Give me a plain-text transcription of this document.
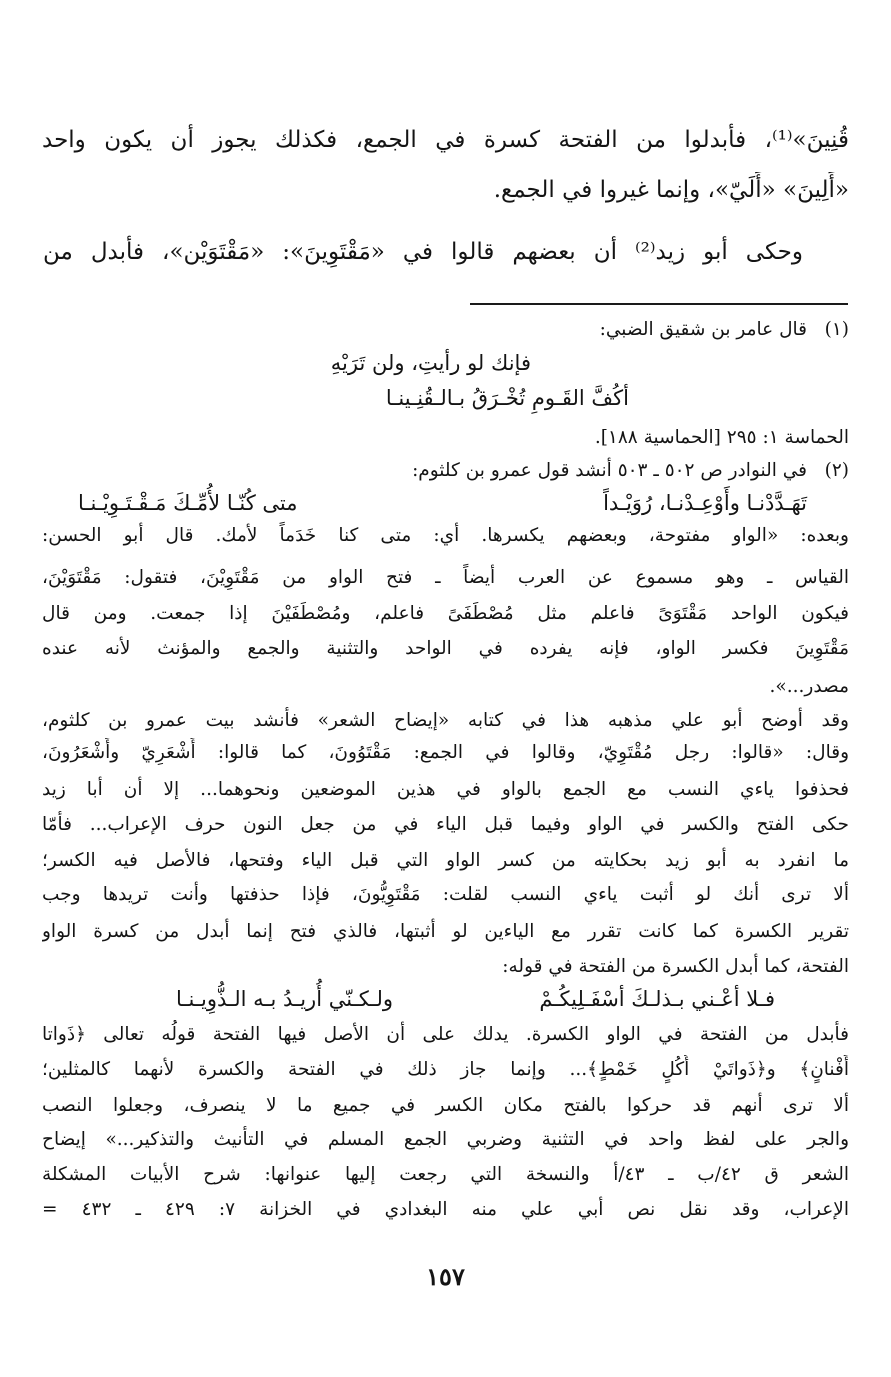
قُنِينَ»⁽¹⁾، فأبدلوا من الفتحة كسرة في الجمع، فكذلك يجوز أن يكون واحد
«أَلِينَ» «أَلَيّ»، وإنما غيروا في الجمع.
وحكى أبو زيد⁽²⁾ أن بعضهم قالوا في «مَقْتَوِينَ»: «مَقْتَوَيْن»، فأبدل من
(١)
قال عامر بن شقيق الضبي:
فإنك لو رأيتِ، ولن تَرَيْهِ
أكُفَّ القَـومِ تُخْـرَقُ بـالـقُنِـينـا
الحماسة ١: ٢٩٥ [الحماسية ١٨٨].
(٢)
في النوادر ص ٥٠٢ ـ ٥٠٣ أنشد قول عمرو بن كلثوم:
تَهَـدَّدْنـا وأَوْعِـدْنـا، رُوَيْـداً
متى كُنّـا لأُمِّـكَ مَـقْـتَـوِيْـنـا
وبعده: «الواو مفتوحة، وبعضهم يكسرها. أي: متى كنا خَدَماً لأمك. قال أبو الحسن:
القياس ـ وهو مسموع عن العرب أيضاً ـ فتح الواو من مَقْتَوِيْنَ، فتقول: مَقْتَوَيْنَ،
فيكون الواحد مَقْتَوَىً فاعلم مثل مُصْطَفَىً فاعلم، ومُصْطَفَيْنَ إذا جمعت. ومن قال
مَقْتَوِينَ فكسر الواو، فإنه يفرده في الواحد والتثنية والجمع والمؤنث لأنه عنده
مصدر...».
وقد أوضح أبو علي مذهبه هذا في كتابه «إيضاح الشعر» فأنشد بيت عمرو بن كلثوم،
وقال: «قالوا: رجل مُقْتَوِيّ، وقالوا في الجمع: مَقْتَوُونَ، كما قالوا: أَشْعَرِيّ وأَشْعَرُونَ،
فحذفوا ياءي النسب مع الجمع بالواو في هذين الموضعين ونحوهما... إلا أن أبا زيد
حكى الفتح والكسر في الواو وفيما قبل الياء في من جعل النون حرف الإعراب... فأمّا
ما انفرد به أبو زيد بحكايته من كسر الواو التي قبل الياء وفتحها، فالأصل فيه الكسر؛
ألا ترى أنك لو أثبت ياءي النسب لقلت: مَقْتَوِيُّونَ، فإذا حذفتها وأنت تريدها وجب
تقرير الكسرة كما كانت تقرر مع الياءين لو أثبتها، فالذي فتح إنما أبدل من كسرة الواو
الفتحة، كما أبدل الكسرة من الفتحة في قوله:
فـلا أعْـني بـذلـكَ أسْفَـلِيكُـمْ
ولـكـنّي أُريـدُ بـه الـذُّوِيـنـا
فأبدل من الفتحة في الواو الكسرة. يدلك على أن الأصل فيها الفتحة قولُه تعالى ﴿ذَواتا
أَفْنانٍ﴾ و﴿ذَواتَيْ أُكُلٍ خَمْطٍ﴾... وإنما جاز ذلك في الفتحة والكسرة لأنهما كالمثلين؛
ألا ترى أنهم قد حركوا بالفتح مكان الكسر في جميع ما لا ينصرف، وجعلوا النصب
والجر على لفظ واحد في التثنية وضربي الجمع المسلم في التأنيث والتذكير...» إيضاح
الشعر ق ٤٢/ب ـ ٤٣/أ والنسخة التي رجعت إليها عنوانها: شرح الأبيات المشكلة
الإعراب، وقد نقل نص أبي علي منه البغدادي في الخزانة ٧: ٤٢٩ ـ ٤٣٢ =
١٥٧
